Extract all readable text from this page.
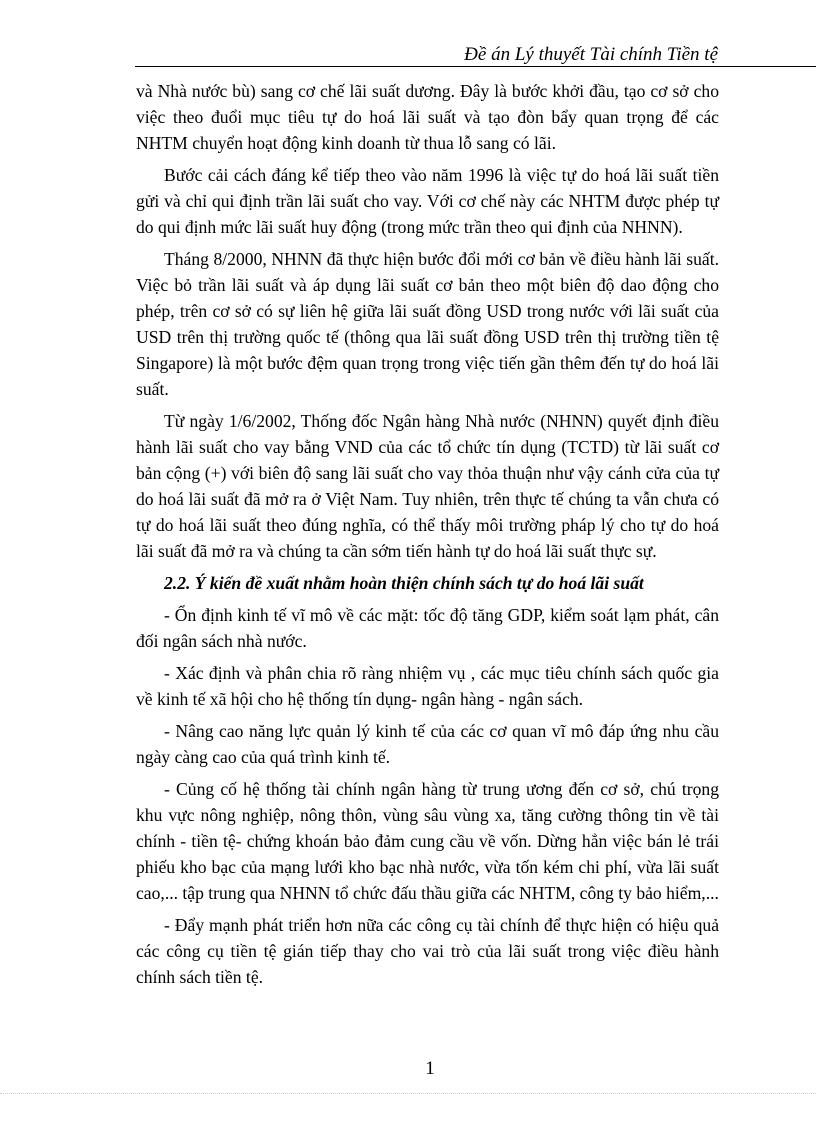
Đề án Lý thuyết Tài chính Tiền tệ

và Nhà nước bù) sang cơ chế lãi suất dương. Đây là bước khởi đầu, tạo cơ sở cho việc theo đuổi mục tiêu tự do hoá lãi suất và tạo đòn bẩy quan trọng để các NHTM chuyển hoạt động kinh doanh từ thua lỗ sang có lãi.

Bước cải cách đáng kể tiếp theo vào năm 1996 là việc tự do hoá lãi suất tiền gửi và chỉ qui định trần lãi suất cho vay. Với cơ chế này các NHTM được phép tự do qui định mức lãi suất huy động (trong mức trần theo qui định của NHNN).

Tháng 8/2000, NHNN đã thực hiện bước đổi mới cơ bản về điều hành lãi suất. Việc bỏ trần lãi suất và áp dụng lãi suất cơ bản theo một biên độ dao động cho phép, trên cơ sở có sự liên hệ giữa lãi suất đồng USD trong nước với lãi suất của USD trên thị trường quốc tế (thông qua lãi suất đồng USD trên thị trường tiền tệ Singapore) là một bước đệm quan trọng trong việc tiến gần thêm đến tự do hoá lãi suất.

Từ ngày 1/6/2002, Thống đốc Ngân hàng Nhà nước (NHNN) quyết định điều hành lãi suất cho vay bằng VND của các tổ chức tín dụng (TCTD) từ lãi suất cơ bản cộng (+) với biên độ sang lãi suất cho vay thỏa thuận như vậy cánh cửa của tự do hoá lãi suất đã mở ra ở Việt Nam. Tuy nhiên, trên thực tế chúng ta vẫn chưa có tự do hoá lãi suất theo đúng nghĩa, có thể thấy môi trường pháp lý cho tự do hoá lãi suất đã mở ra và chúng ta cần sớm tiến hành tự do hoá lãi suất thực sự.

2.2. Ý kiến đề xuất nhằm hoàn thiện chính sách tự do hoá lãi suất

- Ổn định kinh tế vĩ mô về các mặt: tốc độ tăng GDP, kiểm soát lạm phát, cân đối ngân sách nhà nước.

- Xác định và phân chia rõ ràng nhiệm vụ , các mục tiêu chính sách quốc gia về kinh tế xã hội cho hệ thống tín dụng- ngân hàng - ngân sách.

- Nâng cao năng lực quản lý kinh tế của các cơ quan vĩ mô đáp ứng nhu cầu ngày càng cao của quá trình kinh tế.

- Củng cố hệ thống tài chính ngân hàng từ trung ương đến cơ sở, chú trọng khu vực nông nghiệp, nông thôn, vùng sâu vùng xa, tăng cường thông tin về tài chính - tiền tệ- chứng khoán bảo đảm cung cầu về vốn. Dừng hẳn việc bán lẻ trái phiếu kho bạc của mạng lưới kho bạc nhà nước, vừa tốn kém chi phí, vừa lãi suất cao,... tập trung qua NHNN tổ chức đấu thầu giữa các NHTM, công ty bảo hiểm,...

- Đẩy mạnh phát triển hơn nữa các công cụ tài chính để thực hiện có hiệu quả các công cụ tiền tệ gián tiếp thay cho vai trò của lãi suất trong việc điều hành chính sách tiền tệ.

1
